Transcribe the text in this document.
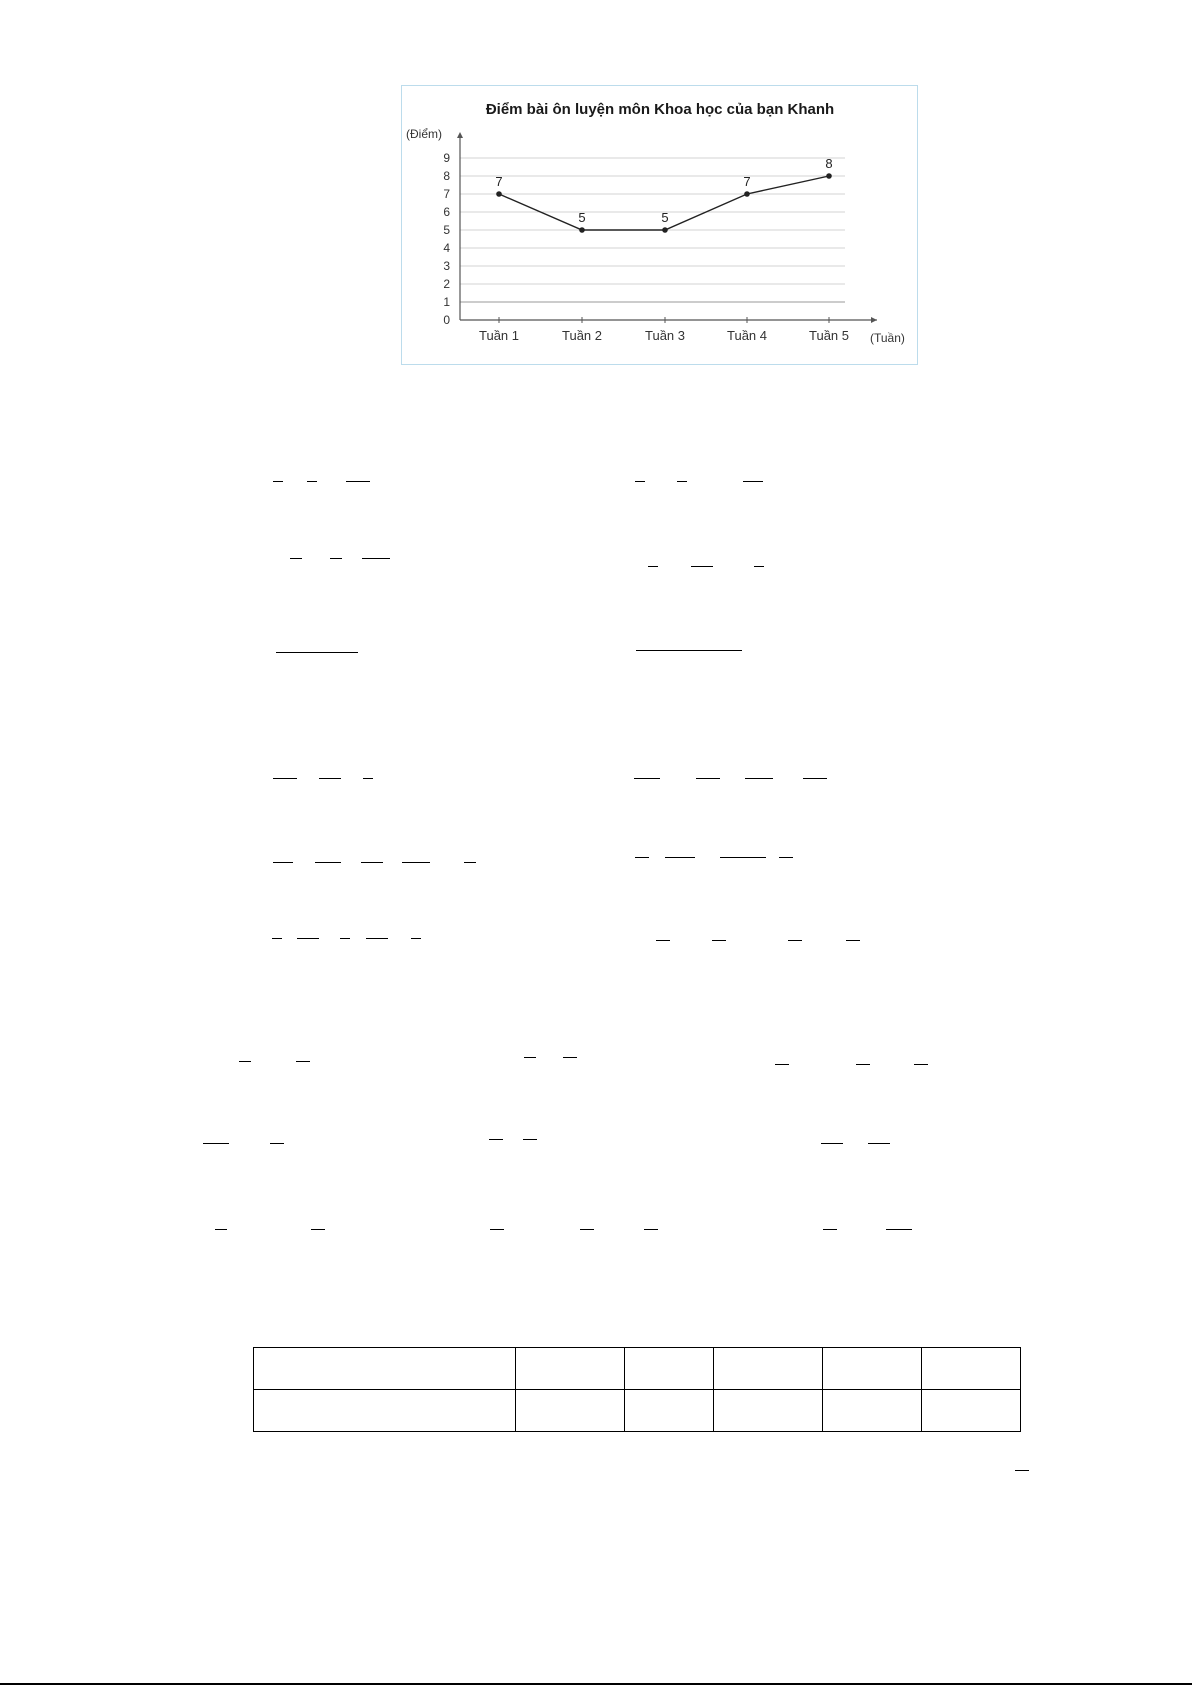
Điểm bài ôn luyện môn Khoa học của bạn Khanh
(Điểm)
(Tuần)
0
1
2
3
4
5
6
7
8
9
Tuần 1	Tuần 2	Tuần 3	Tuần 4	Tuần 5
7
5	5
7
8
